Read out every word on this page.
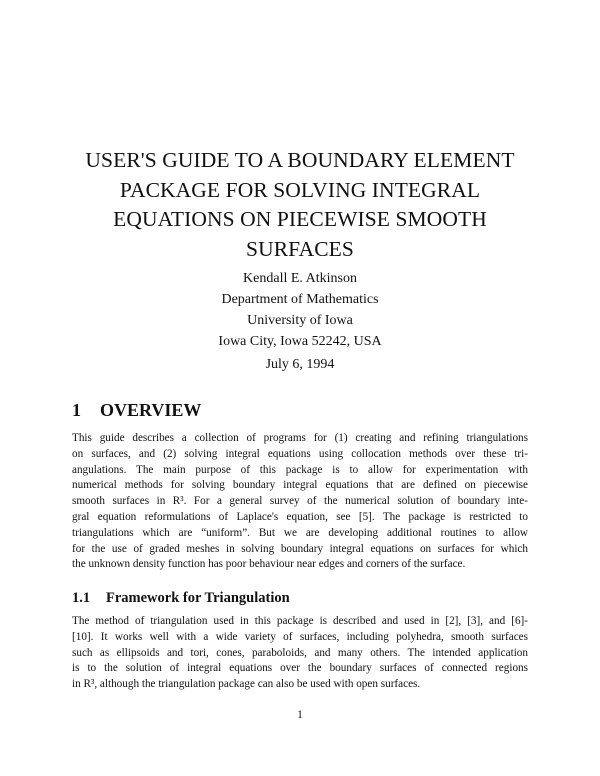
USER'S GUIDE TO A BOUNDARY ELEMENT
PACKAGE FOR SOLVING INTEGRAL
EQUATIONS ON PIECEWISE SMOOTH
SURFACES
Kendall E. Atkinson
Department of Mathematics
University of Iowa
Iowa City, Iowa 52242, USA
July 6, 1994
1 OVERVIEW
This guide describes a collection of programs for (1) creating and refining triangulations
on surfaces, and (2) solving integral equations using collocation methods over these tri-
angulations. The main purpose of this package is to allow for experimentation with
numerical methods for solving boundary integral equations that are defined on piecewise
smooth surfaces in R³. For a general survey of the numerical solution of boundary inte-
gral equation reformulations of Laplace's equation, see [5]. The package is restricted to
triangulations which are “uniform”. But we are developing additional routines to allow
for the use of graded meshes in solving boundary integral equations on surfaces for which
the unknown density function has poor behaviour near edges and corners of the surface.
1.1 Framework for Triangulation
The method of triangulation used in this package is described and used in [2], [3], and [6]-
[10]. It works well with a wide variety of surfaces, including polyhedra, smooth surfaces
such as ellipsoids and tori, cones, paraboloids, and many others. The intended application
is to the solution of integral equations over the boundary surfaces of connected regions
in R³, although the triangulation package can also be used with open surfaces.
1
